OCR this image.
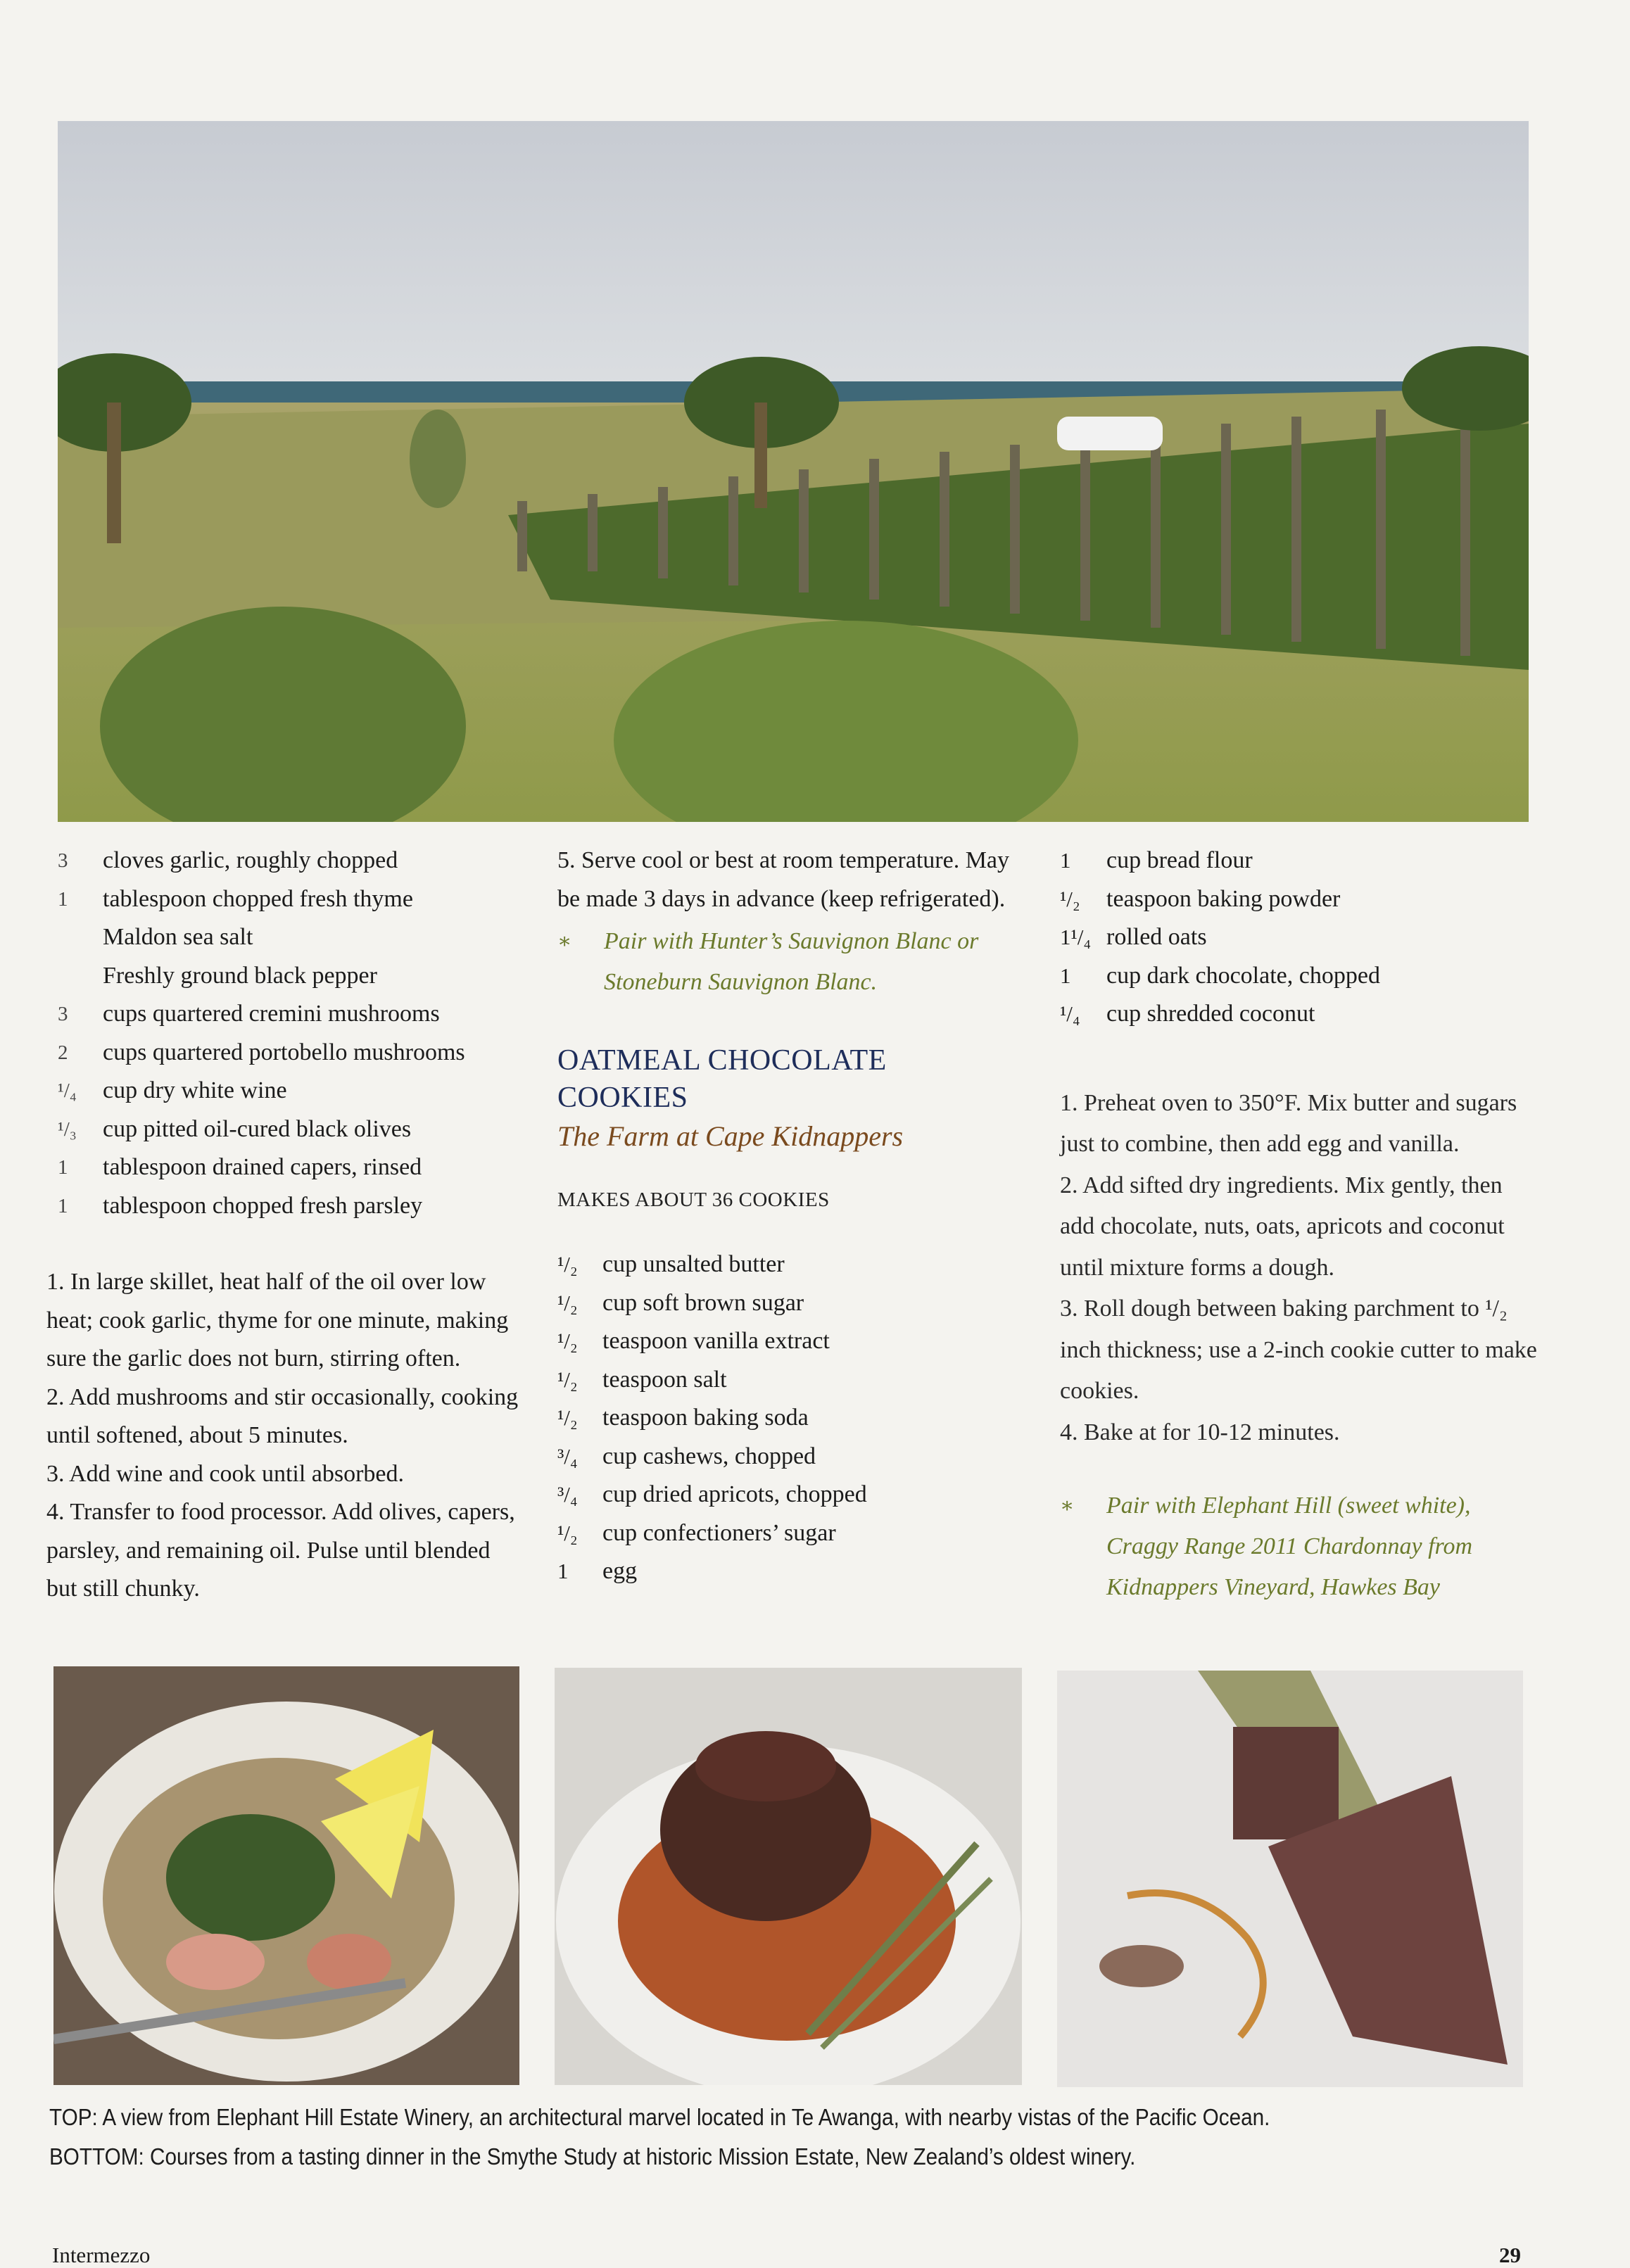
3	cloves garlic, roughly chopped
1	tablespoon chopped fresh thyme
Maldon sea salt
Freshly ground black pepper
3	cups quartered cremini mushrooms
2	cups quartered portobello mushrooms
¹/₄	cup dry white wine
¹/₃	cup pitted oil-cured black olives
1	tablespoon drained capers, rinsed
1	tablespoon chopped fresh parsley

1. In large skillet, heat half of the oil over low heat; cook garlic, thyme for one minute, making sure the garlic does not burn, stirring often.

2. Add mushrooms and stir occasionally, cooking until softened, about 5 minutes.

3. Add wine and cook until absorbed.

4. Transfer to food processor. Add olives, capers, parsley, and remaining oil. Pulse until blended but still chunky.

5. Serve cool or best at room temperature. May be made 3 days in advance (keep refrigerated).

∗	Pair with Hunter’s Sauvignon Blanc or Stoneburn Sauvignon Blanc.
OATMEAL CHOCOLATE
COOKIES
The Farm at Cape Kidnappers
MAKES ABOUT 36 COOKIES
¹/₂	cup unsalted butter
¹/₂	cup soft brown sugar
¹/₂	teaspoon vanilla extract
¹/₂	teaspoon salt
¹/₂	teaspoon baking soda
³/₄	cup cashews, chopped
³/₄	cup dried apricots, chopped
¹/₂	cup confectioners’ sugar
1	egg
1	cup bread flour
¹/₂	teaspoon baking powder
1¹/₄ rolled oats
1	cup dark chocolate, chopped
¹/₄	cup shredded coconut

1. Preheat oven to 350°F. Mix butter and sugars just to combine, then add egg and vanilla.

2. Add sifted dry ingredients. Mix gently, then add chocolate, nuts, oats, apricots and coconut until mixture forms a dough.

3. Roll dough between baking parchment to ¹/₂ inch thickness; use a 2-inch cookie cutter to make cookies.

4. Bake at for 10-12 minutes.

∗	Pair with Elephant Hill (sweet white), Craggy Range 2011 Chardonnay from Kidnappers Vineyard, Hawkes Bay
TOP: A view from Elephant Hill Estate Winery, an architectural marvel located in Te Awanga, with nearby vistas of the Pacific Ocean.
BOTTOM: Courses from a tasting dinner in the Smythe Study at historic Mission Estate, New Zealand’s oldest winery.
Intermezzo	29
